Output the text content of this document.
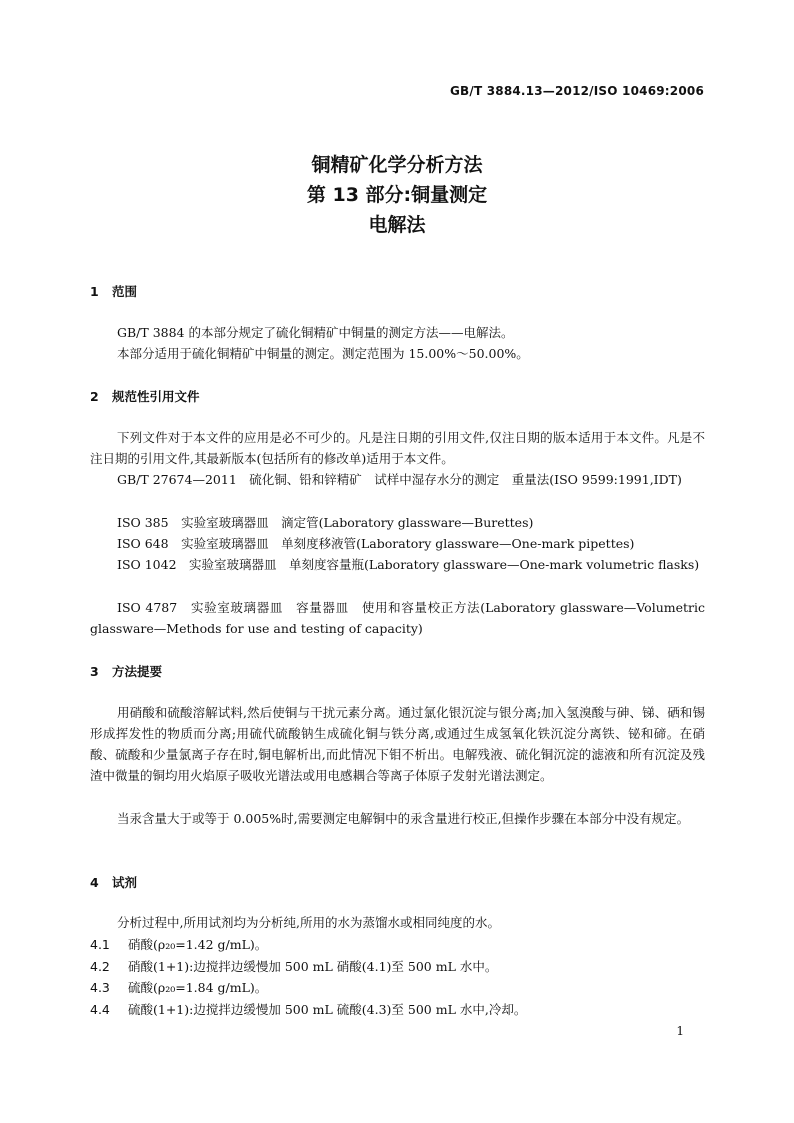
GB/T 3884.13—2012/ISO 10469:2006
铜精矿化学分析方法
第 13 部分:铜量测定
电解法
1 范围
GB/T 3884 的本部分规定了硫化铜精矿中铜量的测定方法——电解法。
本部分适用于硫化铜精矿中铜量的测定。测定范围为 15.00%～50.00%。
2 规范性引用文件
下列文件对于本文件的应用是必不可少的。凡是注日期的引用文件,仅注日期的版本适用于本文件。凡是不注日期的引用文件,其最新版本(包括所有的修改单)适用于本文件。
GB/T 27674—2011　硫化铜、铅和锌精矿　试样中湿存水分的测定　重量法(ISO 9599:1991,IDT)
ISO 385　实验室玻璃器皿　滴定管(Laboratory glassware—Burettes)
ISO 648　实验室玻璃器皿　单刻度移液管(Laboratory glassware—One-mark pipettes)
ISO 1042　实验室玻璃器皿　单刻度容量瓶(Laboratory glassware—One-mark volumetric flasks)
ISO 4787　实验室玻璃器皿　容量器皿　使用和容量校正方法(Laboratory glassware—Volumetric glassware—Methods for use and testing of capacity)
3 方法提要
用硝酸和硫酸溶解试料,然后使铜与干扰元素分离。通过氯化银沉淀与银分离;加入氢溴酸与砷、锑、硒和锡形成挥发性的物质而分离;用硫代硫酸钠生成硫化铜与铁分离,或通过生成氢氧化铁沉淀分离铁、铋和碲。在硝酸、硫酸和少量氯离子存在时,铜电解析出,而此情况下钼不析出。电解残液、硫化铜沉淀的滤液和所有沉淀及残渣中微量的铜均用火焰原子吸收光谱法或用电感耦合等离子体原子发射光谱法测定。
当汞含量大于或等于 0.005%时,需要测定电解铜中的汞含量进行校正,但操作步骤在本部分中没有规定。
4 试剂
分析过程中,所用试剂均为分析纯,所用的水为蒸馏水或相同纯度的水。
4.1 硝酸(ρ₂₀=1.42 g/mL)。
4.2 硝酸(1+1):边搅拌边缓慢加 500 mL 硝酸(4.1)至 500 mL 水中。
4.3 硫酸(ρ₂₀=1.84 g/mL)。
4.4 硫酸(1+1):边搅拌边缓慢加 500 mL 硫酸(4.3)至 500 mL 水中,冷却。
1
